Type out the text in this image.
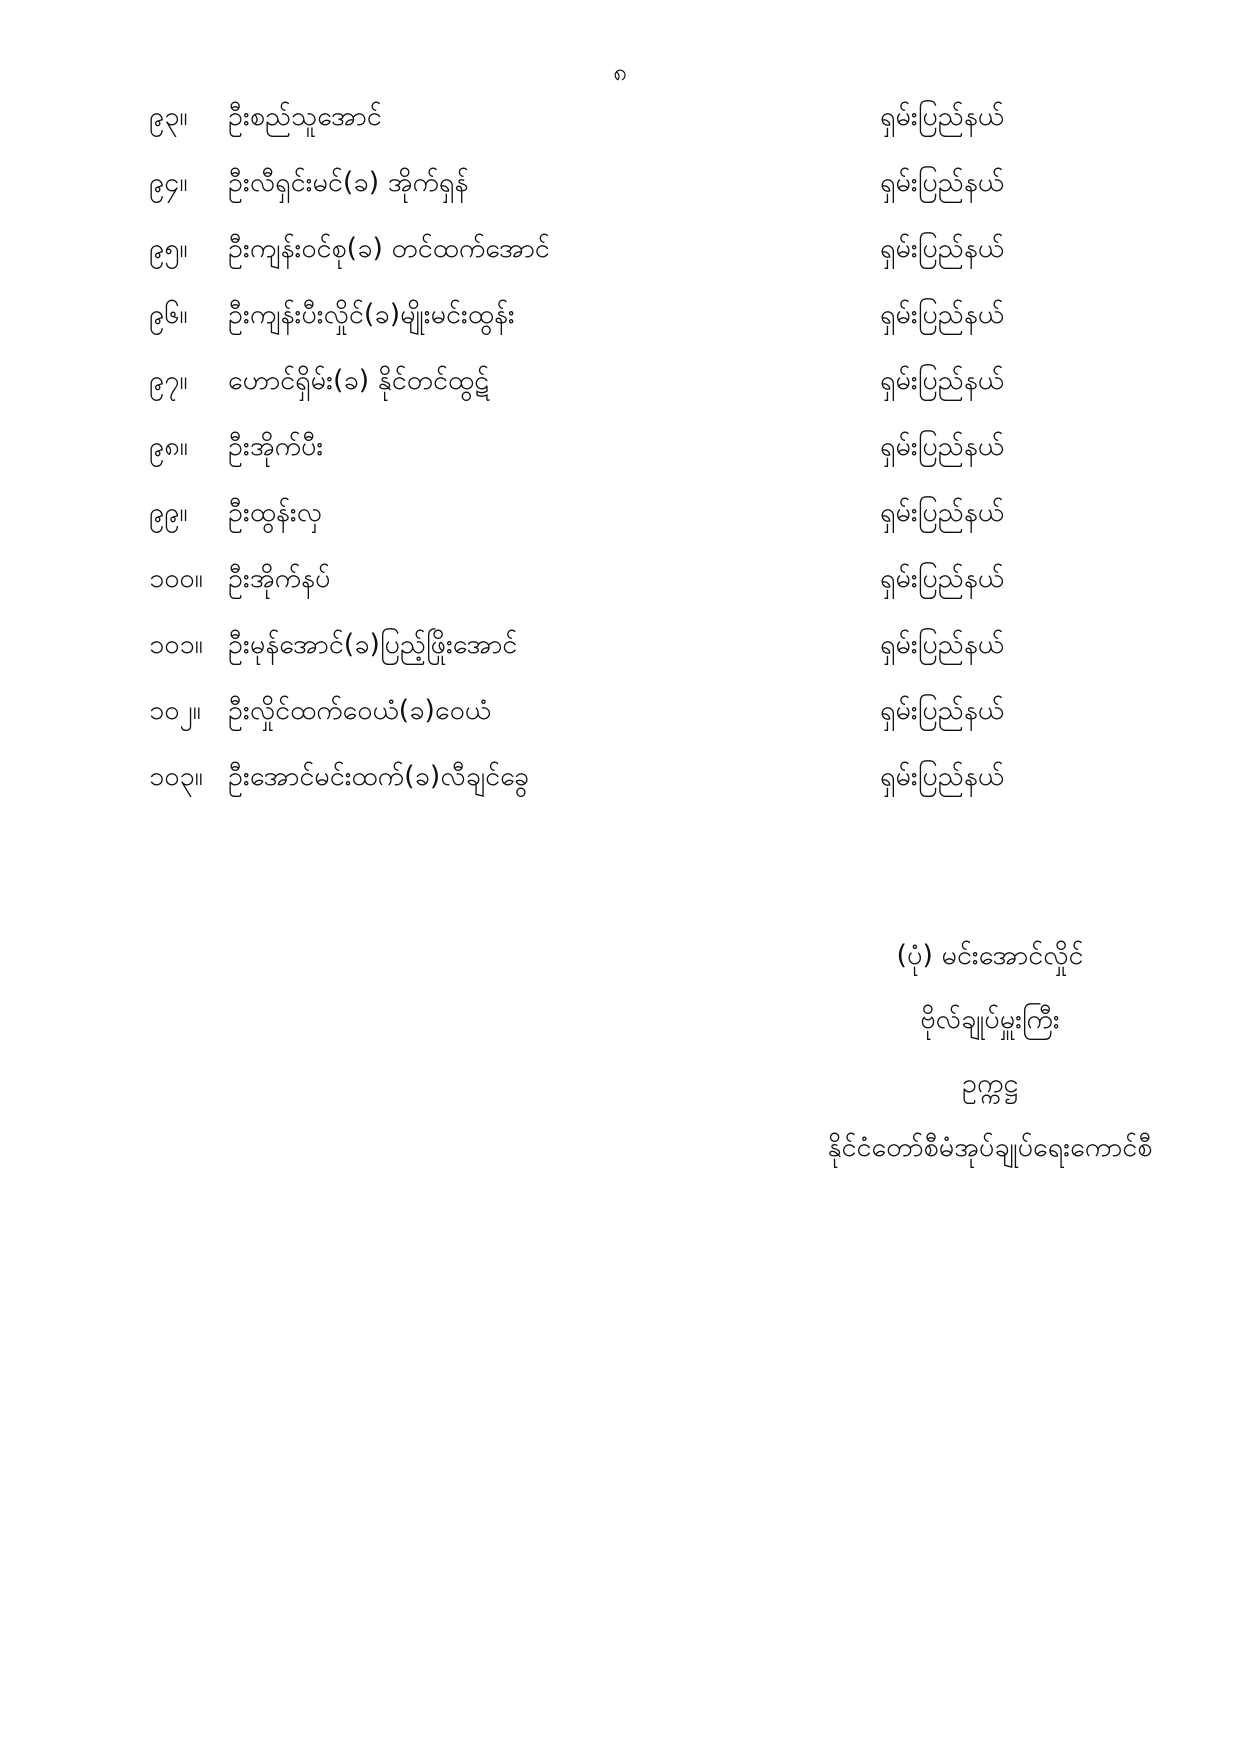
၈
၉၃။ ဦးစည်သူအောင်	ရှမ်းပြည်နယ်
၉၄။ ဦးလီရှင်းမင်(ခ) အိုက်ရှန်	ရှမ်းပြည်နယ်
၉၅။ ဦးကျန်းဝင်စု(ခ) တင်ထက်အောင်	ရှမ်းပြည်နယ်
၉၆။ ဦးကျန်းပီးလှိုင်(ခ)မျိုးမင်းထွန်း	ရှမ်းပြည်နယ်
၉၇။ ဟောင်ရှိမ်း(ခ) နိုင်တင်ထွဋ်	ရှမ်းပြည်နယ်
၉၈။ ဦးအိုက်ပီး	ရှမ်းပြည်နယ်
၉၉။ ဦးထွန်းလှ	ရှမ်းပြည်နယ်
၁၀၀။ ဦးအိုက်နပ်	ရှမ်းပြည်နယ်
၁၀၁။ ဦးမုန်အောင်(ခ)ပြည့်ဖြိုးအောင်	ရှမ်းပြည်နယ်
၁၀၂။ ဦးလှိုင်ထက်ဝေယံ(ခ)ဝေယံ	ရှမ်းပြည်နယ်
၁၀၃။ ဦးအောင်မင်းထက်(ခ)လီချင်ခွေ	ရှမ်းပြည်နယ်
(ပုံ) မင်းအောင်လှိုင်
ဗိုလ်ချုပ်မှူးကြီး
ဥက္ကဋ္ဌ
နိုင်ငံတော်စီမံအုပ်ချုပ်ရေးကောင်စီ
